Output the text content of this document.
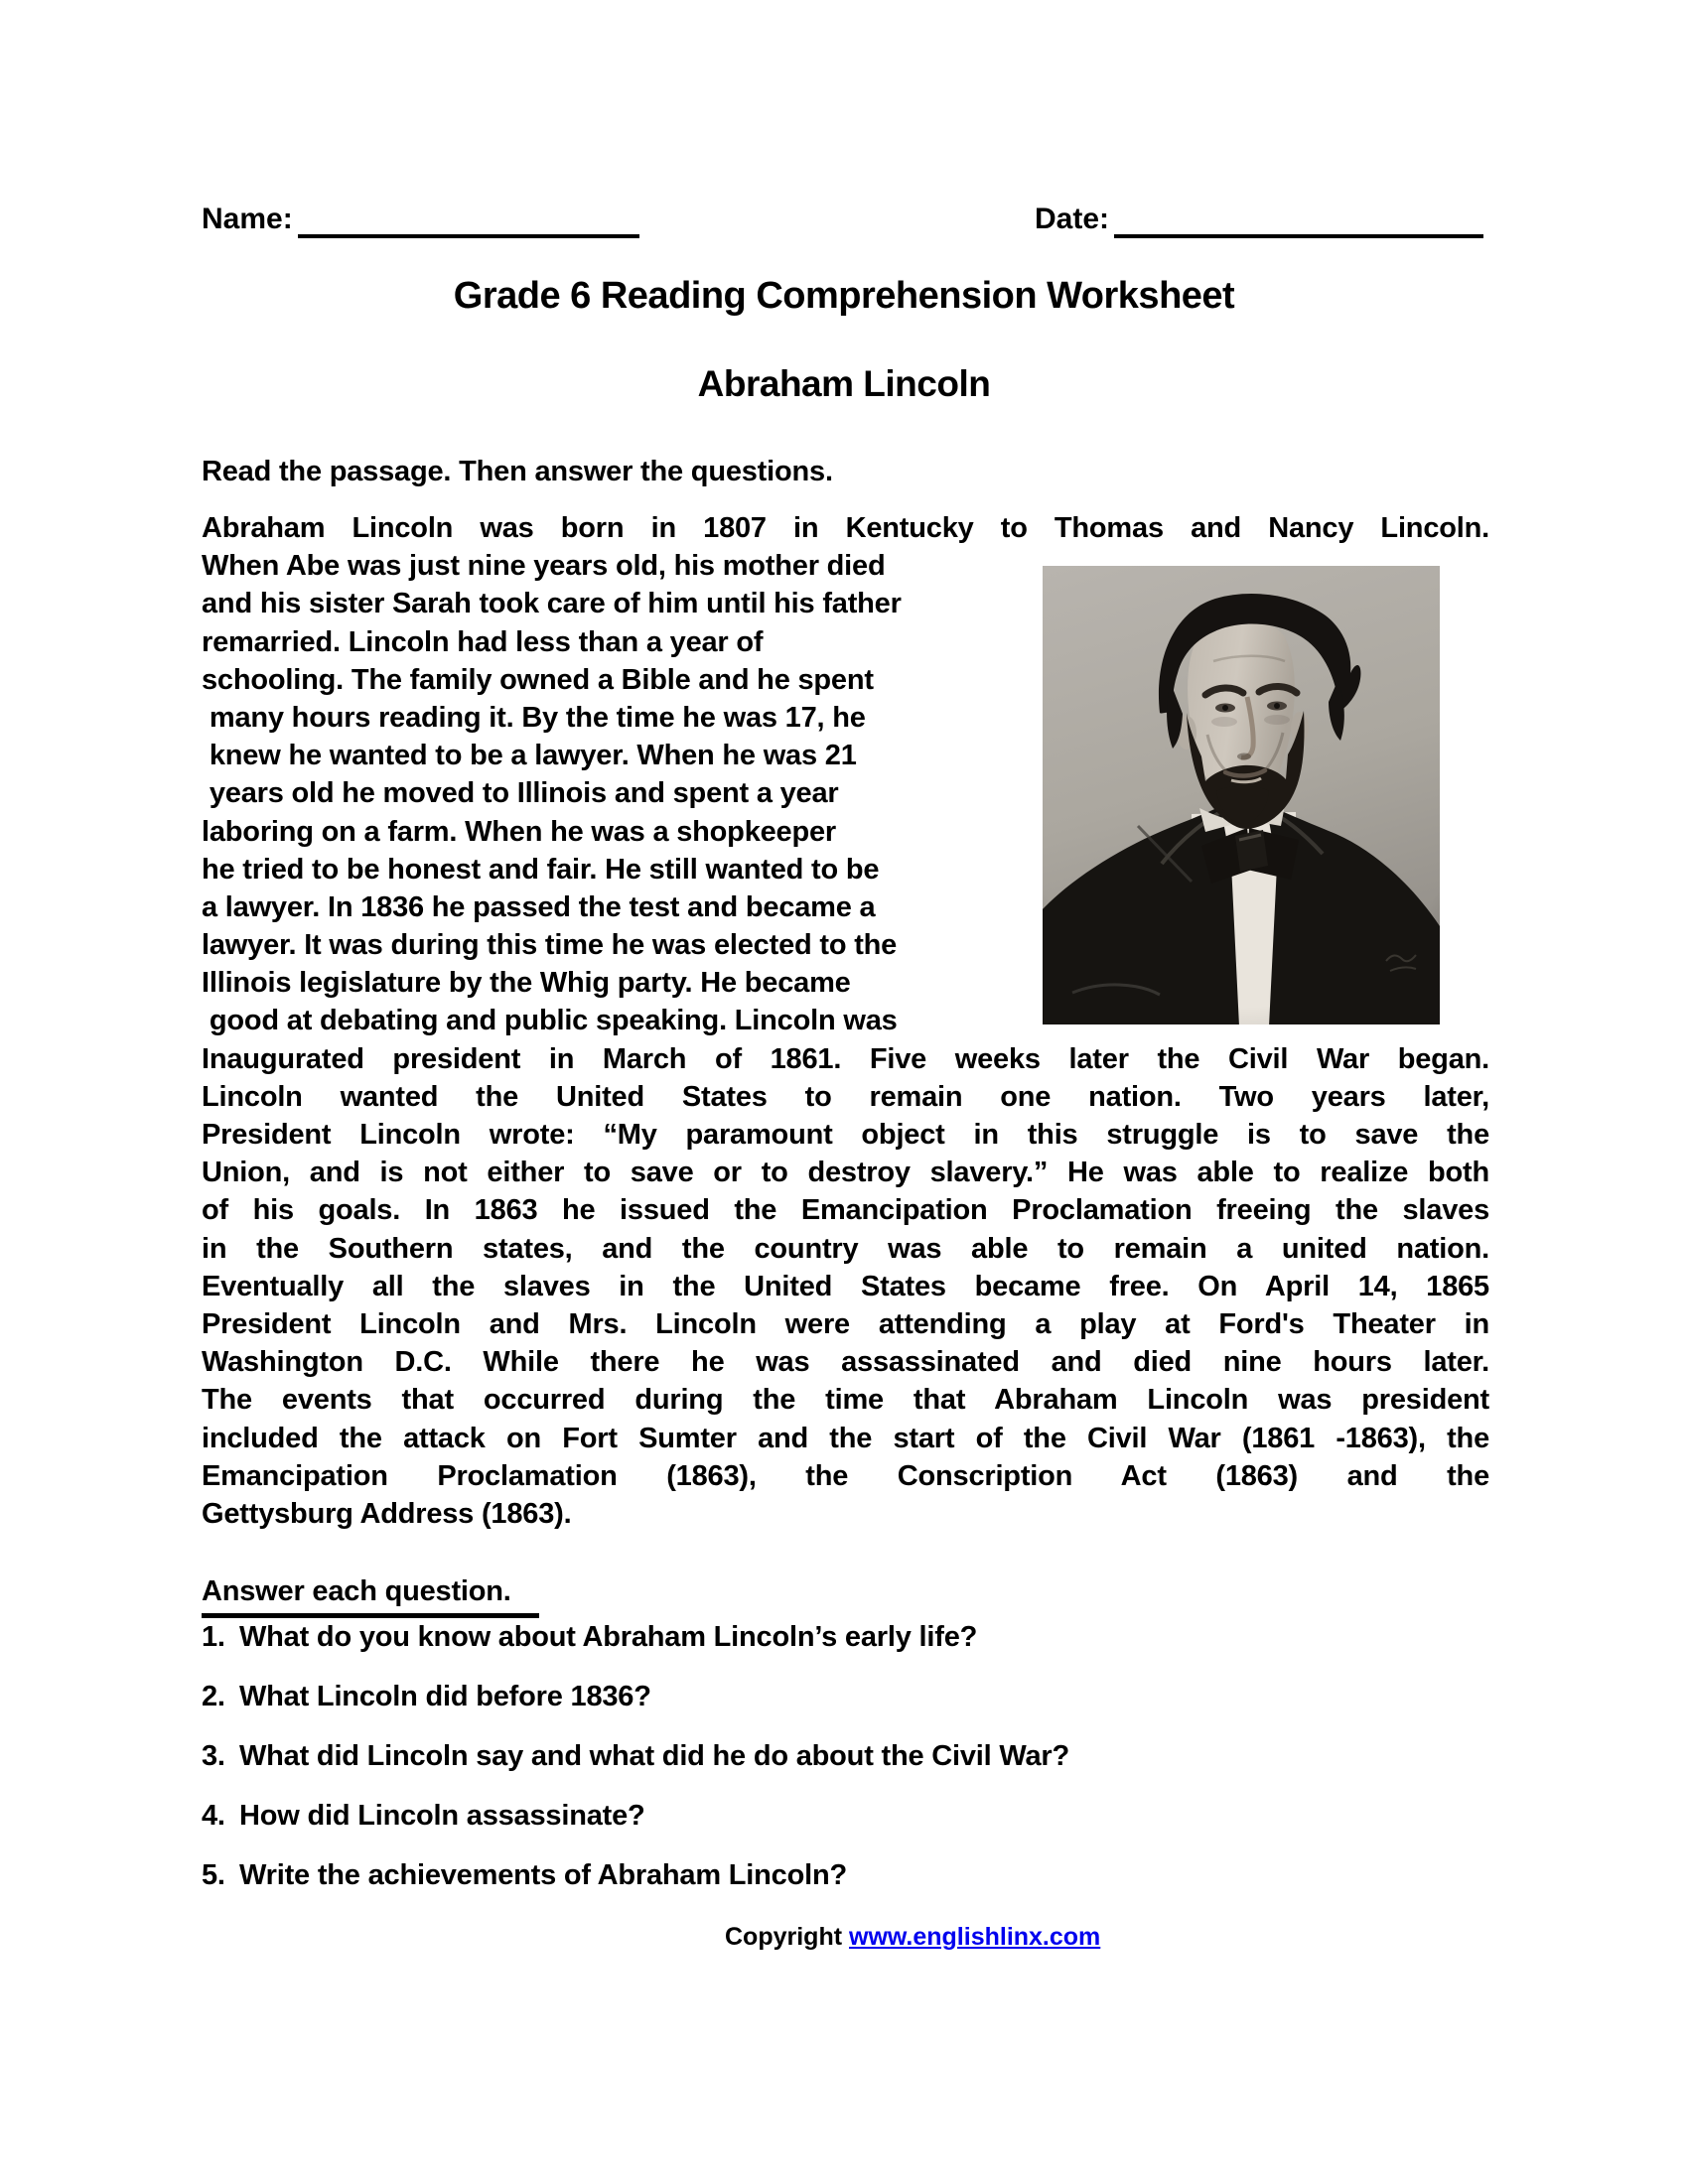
Name:	Date:
Grade 6 Reading Comprehension Worksheet
Abraham Lincoln
Read the passage. Then answer the questions.
Abraham Lincoln was born in 1807 in Kentucky to Thomas and Nancy Lincoln.
When Abe was just nine years old, his mother died
and his sister Sarah took care of him until his father
remarried. Lincoln had less than a year of
schooling. The family owned a Bible and he spent
many hours reading it. By the time he was 17, he
knew he wanted to be a lawyer. When he was 21
years old he moved to Illinois and spent a year
laboring on a farm. When he was a shopkeeper
he tried to be honest and fair. He still wanted to be
a lawyer. In 1836 he passed the test and became a
lawyer. It was during this time he was elected to the
Illinois legislature by the Whig party. He became
good at debating and public speaking. Lincoln was
Inaugurated president in March of 1861. Five weeks later the Civil War began.
Lincoln wanted the United States to remain one nation. Two years later,
President Lincoln wrote: “My paramount object in this struggle is to save the
Union, and is not either to save or to destroy slavery.” He was able to realize both
of his goals. In 1863 he issued the Emancipation Proclamation freeing the slaves
in the Southern states, and the country was able to remain a united nation.
Eventually all the slaves in the United States became free. On April 14, 1865
President Lincoln and Mrs. Lincoln were attending a play at Ford's Theater in
Washington D.C. While there he was assassinated and died nine hours later.
The events that occurred during the time that Abraham Lincoln was president
included the attack on Fort Sumter and the start of the Civil War (1861 -1863), the
Emancipation Proclamation (1863), the Conscription Act (1863) and the
Gettysburg Address (1863).
Answer each question.
1. What do you know about Abraham Lincoln’s early life?
2. What Lincoln did before 1836?
3. What did Lincoln say and what did he do about the Civil War?
4. How did Lincoln assassinate?
5. Write the achievements of Abraham Lincoln?
Copyright www.englishlinx.com
